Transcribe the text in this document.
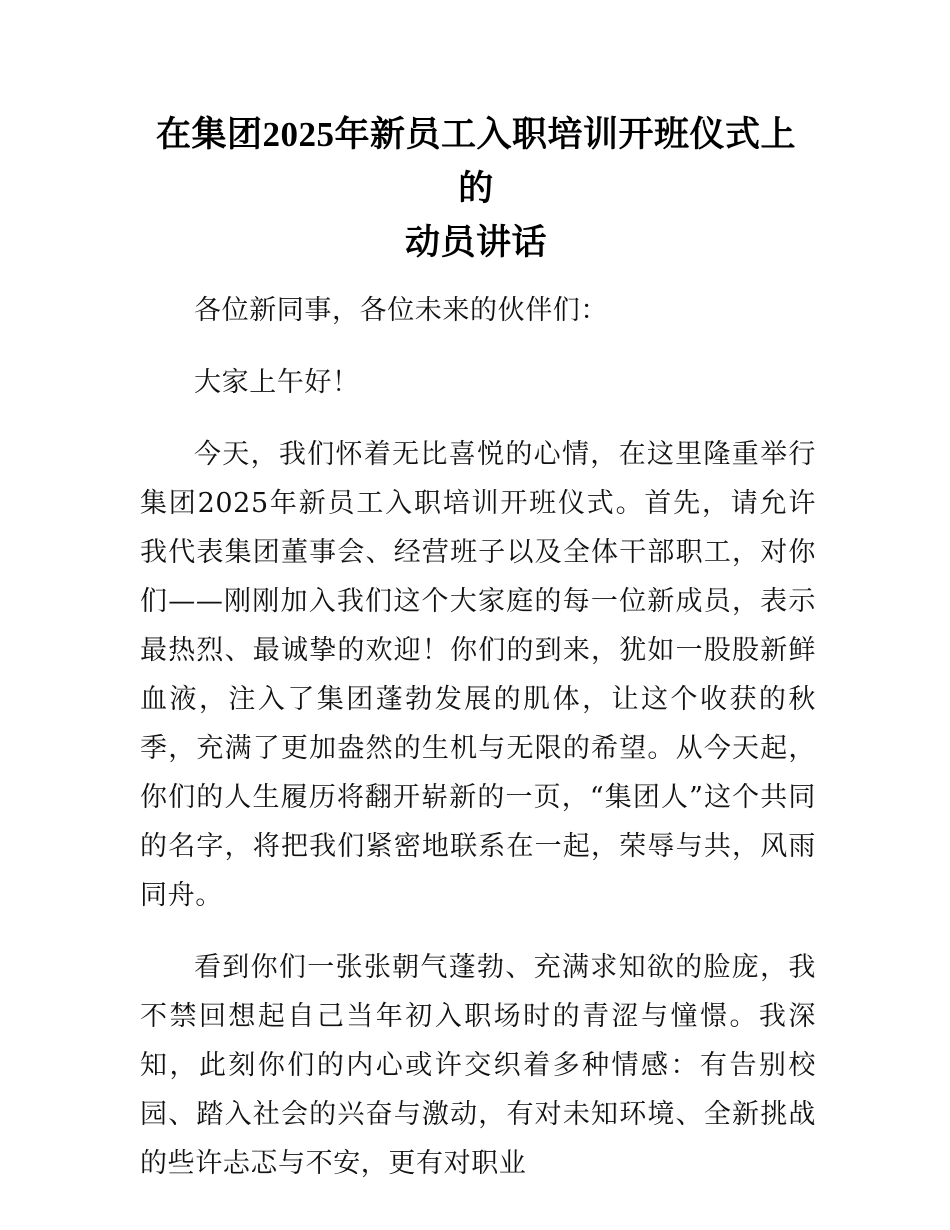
在集团2025年新员工入职培训开班仪式上的
动员讲话

各位新同事，各位未来的伙伴们：

大家上午好！

今天，我们怀着无比喜悦的心情，在这里隆重举行集团2025年新员工入职培训开班仪式。首先，请允许我代表集团董事会、经营班子以及全体干部职工，对你们——刚刚加入我们这个大家庭的每一位新成员，表示最热烈、最诚挚的欢迎！你们的到来，犹如一股股新鲜血液，注入了集团蓬勃发展的肌体，让这个收获的秋季，充满了更加盎然的生机与无限的希望。从今天起，你们的人生履历将翻开崭新的一页，“集团人”这个共同的名字，将把我们紧密地联系在一起，荣辱与共，风雨同舟。

看到你们一张张朝气蓬勃、充满求知欲的脸庞，我不禁回想起自己当年初入职场时的青涩与憧憬。我深知，此刻你们的内心或许交织着多种情感：有告别校园、踏入社会的兴奋与激动，有对未知环境、全新挑战的些许忐忑与不安，更有对职业
